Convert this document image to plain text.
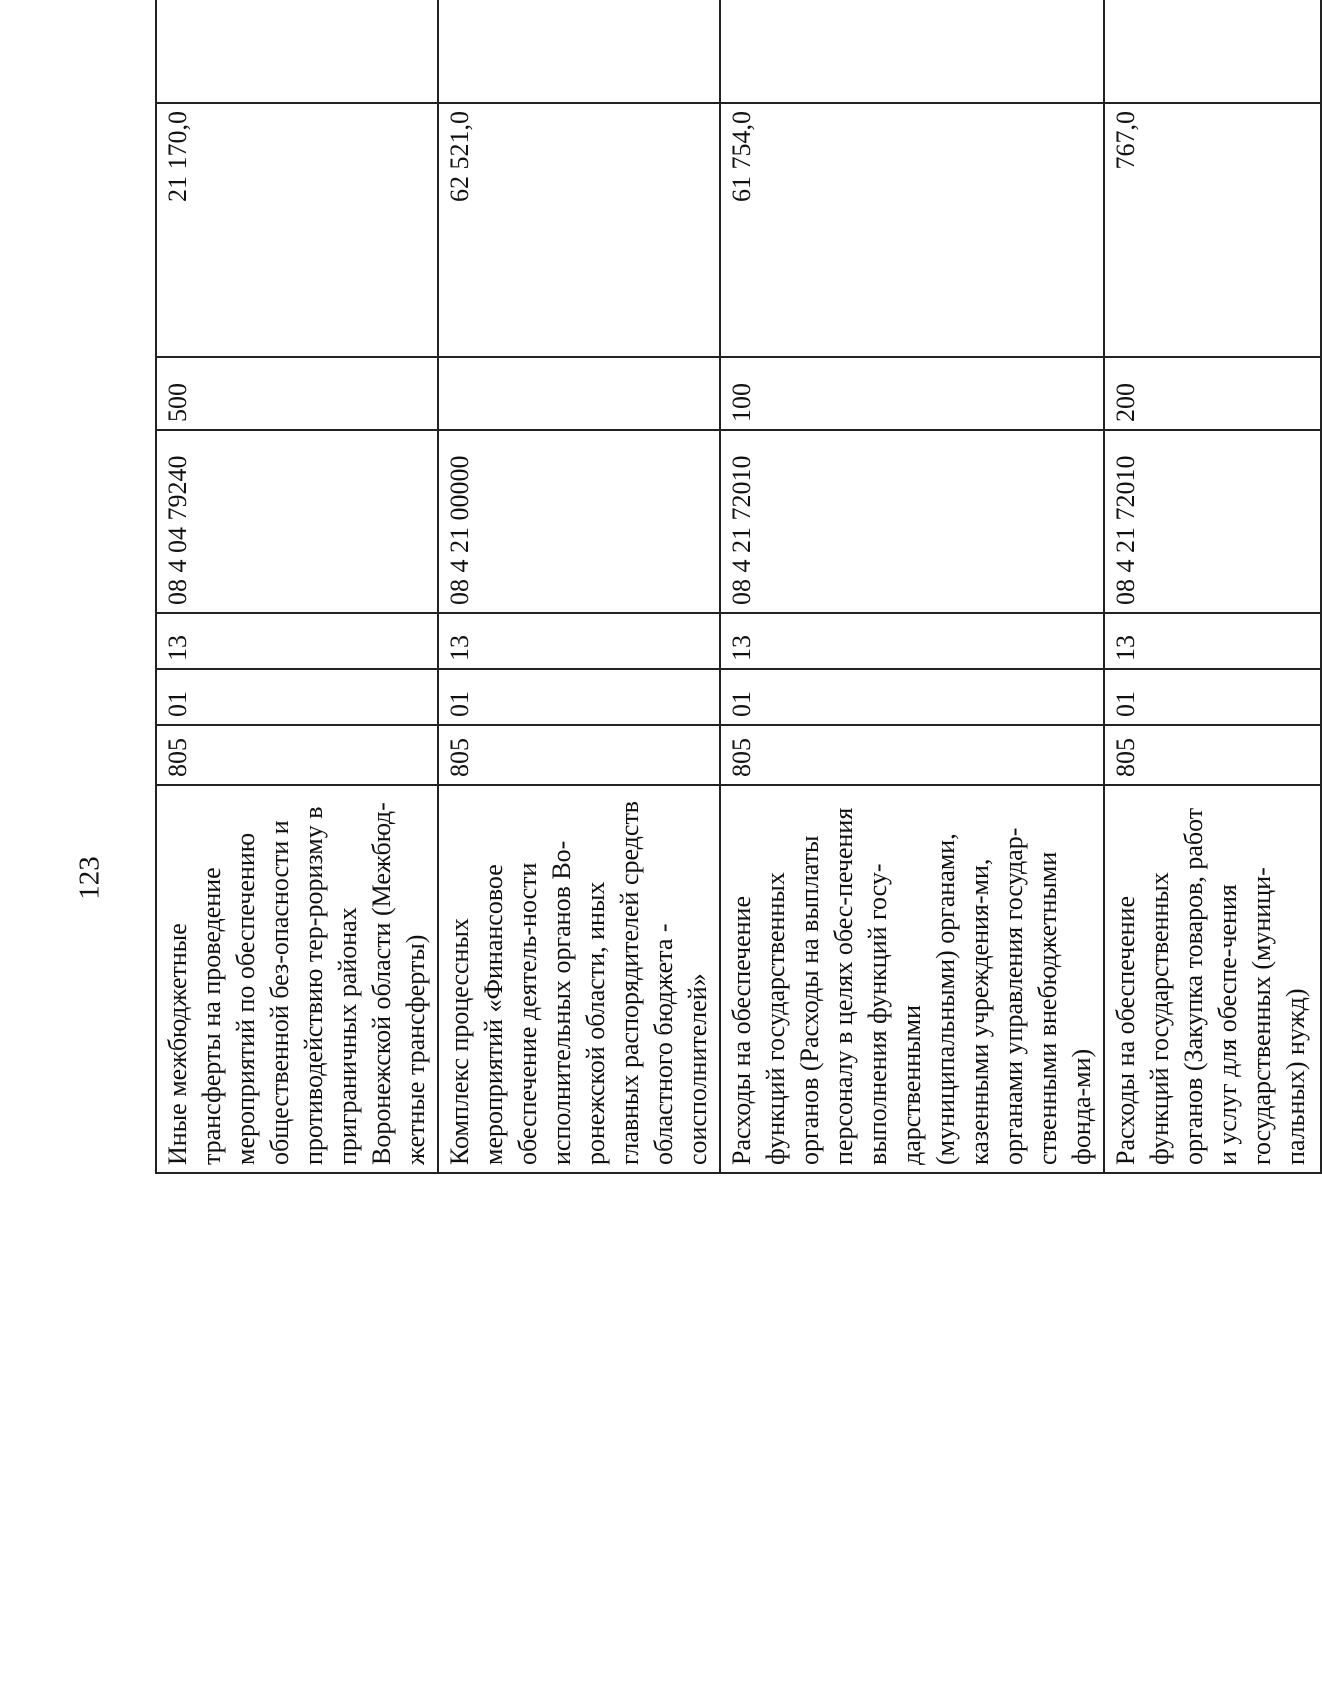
123
Иные межбюджетные трансферты на проведение мероприятий по обеспечению общественной без-опасности и противодействию тер-роризму в приграничных районах Воронежской области (Межбюд-жетные трансферты)	805	01	13	08 4 04 79240	500	21 170,0		
Комплекс процессных мероприятий «Финансовое обеспечение деятель-ности исполнительных органов Во-ронежской области, иных главных распорядителей средств областного бюджета - соисполнителей»	805	01	13	08 4 21 00000		62 521,0		
Расходы на обеспечение функций государственных органов (Расходы на выплаты персоналу в целях обес-печения выполнения функций госу-дарственными (муниципальными) органами, казенными учреждения-ми, органами управления государ-ственными внебюджетными фонда-ми)	805	01	13	08 4 21 72010	100	61 754,0		
Расходы на обеспечение функций государственных органов (Закупка товаров, работ и услуг для обеспе-чения государственных (муници-пальных) нужд)	805	01	13	08 4 21 72010	200	767,0		
